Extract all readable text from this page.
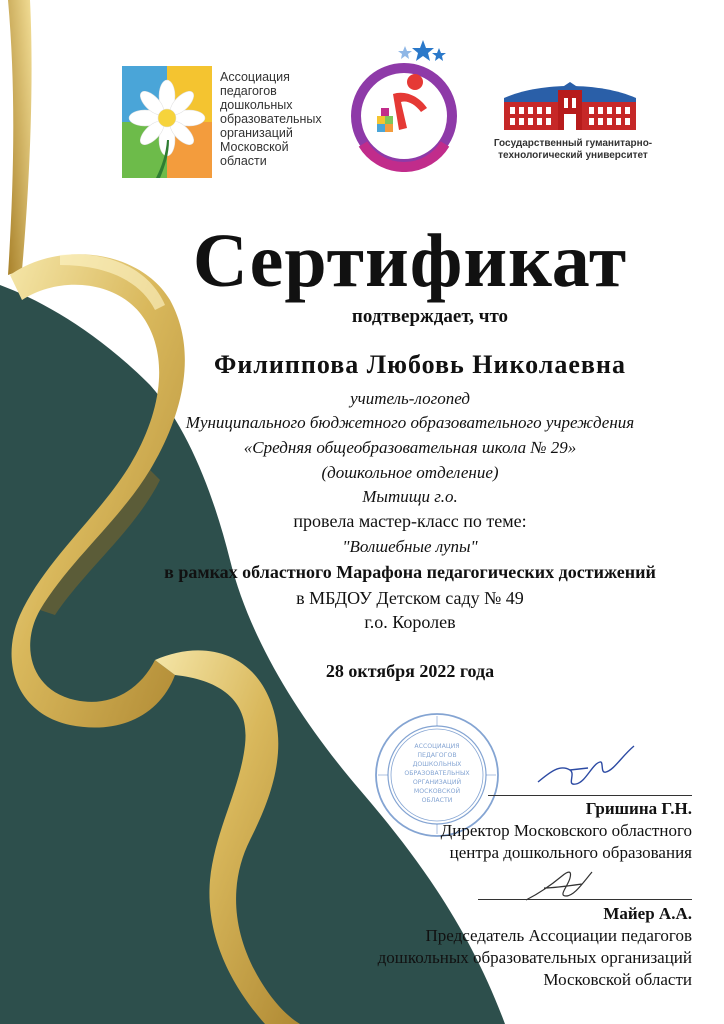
Ассоциация
педагогов
дошкольных
образовательных
организаций
Московской
области
Государственный гуманитарно-
технологический университет
Сертификат
подтверждает, что
Филиппова Любовь Николаевна
учитель-логопед
Муниципального бюджетного образовательного учреждения
«Средняя общеобразовательная школа № 29»
(дошкольное отделение)
Мытищи г.о.
провела мастер-класс по теме:
"Волшебные лупы"
в рамках областного Марафона педагогических достижений
в МБДОУ Детском саду № 49
г.о. Королев
28 октября 2022 года
АССОЦИАЦИЯ
ПЕДАГОГОВ
ДОШКОЛЬНЫХ
ОБРАЗОВАТЕЛЬНЫХ
ОРГАНИЗАЦИЙ
МОСКОВСКОЙ
ОБЛАСТИ	Гришина Г.Н.
Директор Московского областного
центра дошкольного образования
Майер А.А.
Председатель Ассоциации педагогов
дошкольных образовательных организаций
Московской области
